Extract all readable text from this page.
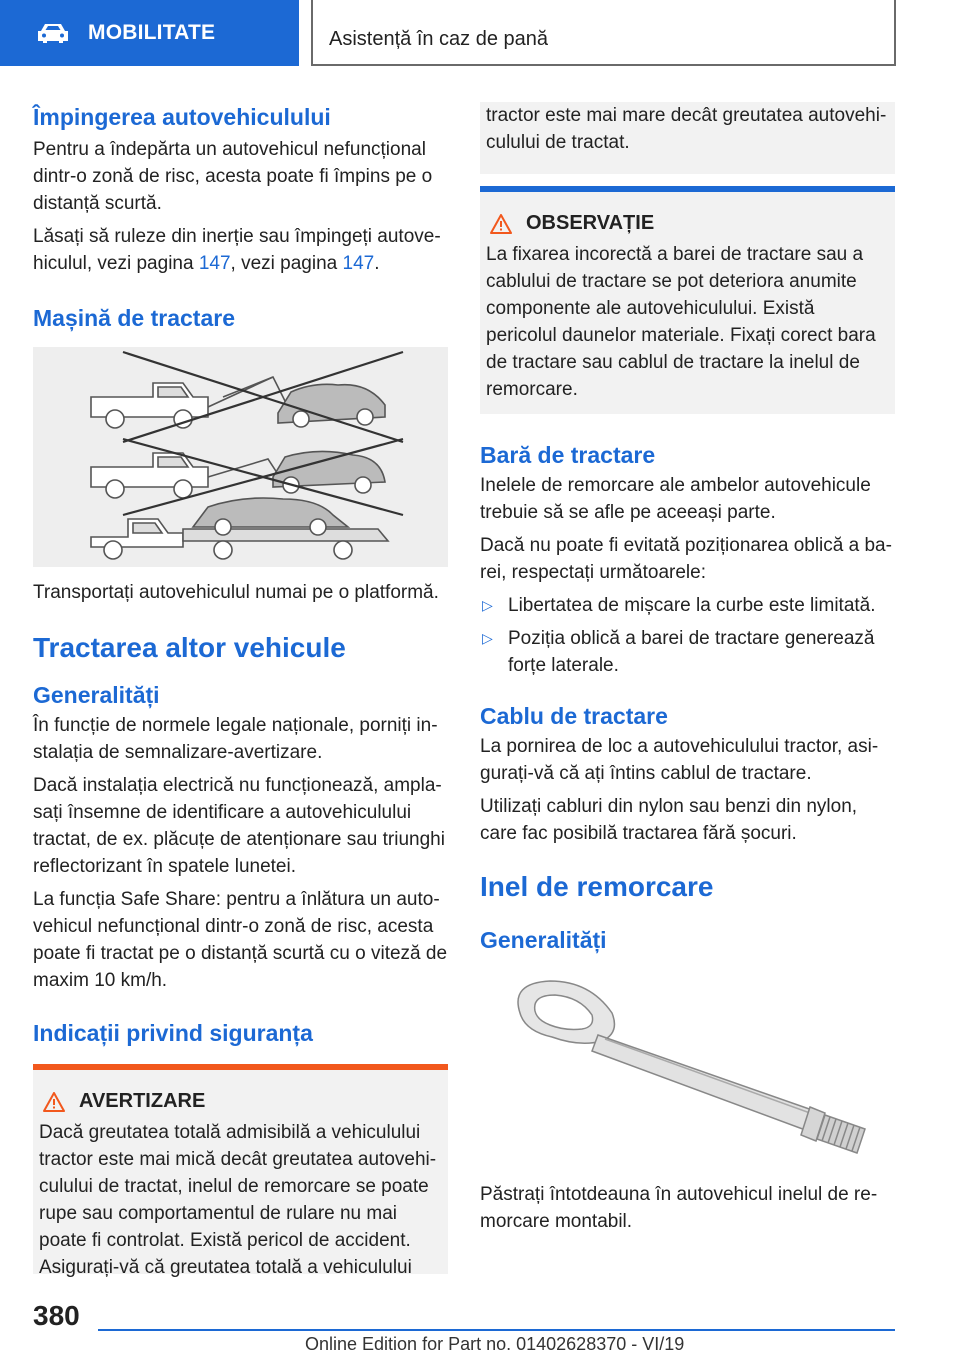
MOBILITATE	Asistență în caz de pană
Împingerea autovehiculului

Pentru a îndepărta un autovehicul nefuncțional dintr-o zonă de risc, acesta poate fi împins pe o distanță scurtă.

Lăsați să ruleze din inerție sau împingeți autovehiculul, vezi pagina 147, vezi pagina 147.

Mașină de tractare

Transportați autovehiculul numai pe o platformă.

Tractarea altor vehicule
Generalități

În funcție de normele legale naționale, porniți instalația de semnalizare-avertizare.

Dacă instalația electrică nu funcționează, amplasați însemne de identificare a autovehiculului tractat, de ex. plăcuțe de atenționare sau triunghi reflectorizant în spatele lunetei.

La funcția Safe Share: pentru a înlătura un autovehicul nefuncțional dintr-o zonă de risc, acesta poate fi tractat pe o distanță scurtă cu o viteză de maxim 10 km/h.

Indicații privind siguranța
AVERTIZARE

Dacă greutatea totală admisibilă a vehiculului tractor este mai mică decât greutatea autovehiculului de tractat, inelul de remorcare se poate rupe sau comportamentul de rulare nu mai poate fi controlat. Există pericol de accident. Asigurați-vă că greutatea totală a vehiculului

tractor este mai mare decât greutatea autovehiculului de tractat.

OBSERVAȚIE

La fixarea incorectă a barei de tractare sau a cablului de tractare se pot deteriora anumite componente ale autovehiculului. Există pericolul daunelor materiale. Fixați corect bara de tractare sau cablul de tractare la inelul de remorcare.

Bară de tractare

Inelele de remorcare ale ambelor autovehicule trebuie să se afle pe aceeași parte.

Dacă nu poate fi evitată poziționarea oblică a barei, respectați următoarele:

▷ Libertatea de mișcare la curbe este limitată.

▷ Poziția oblică a barei de tractare generează forțe laterale.

Cablu de tractare

La pornirea de loc a autovehiculului tractor, asigurați-vă că ați întins cablul de tractare.

Utilizați cabluri din nylon sau benzi din nylon, care fac posibilă tractarea fără șocuri.

Inel de remorcare
Generalități

Păstrați întotdeauna în autovehicul inelul de remorcare montabil.

380
Online Edition for Part no. 01402628370 - VI/19
